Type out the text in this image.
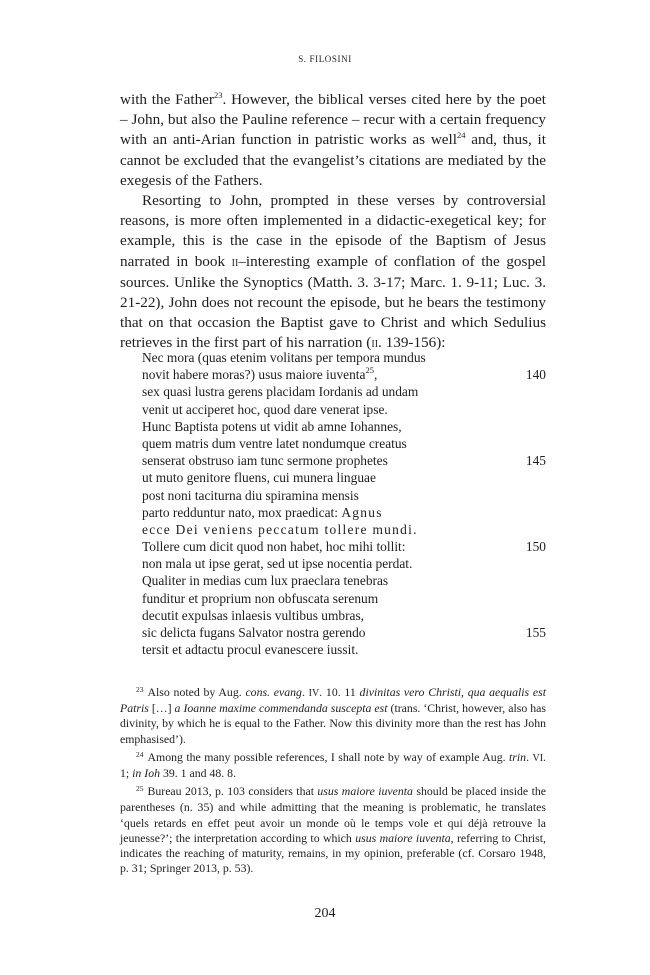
S. FILOSINI

with the Father$^{23}$. However, the biblical verses cited here by the poet – John, but also the Pauline reference – recur with a certain frequency with an anti-Arian function in patristic works as well$^{24}$ and, thus, it cannot be excluded that the evangelist’s citations are mediated by the exegesis of the Fathers.

Resorting to John, prompted in these verses by controversial reasons, is more often implemented in a didactic-exegetical key; for example, this is the case in the episode of the Baptism of Jesus narrated in book ii–interesting example of conflation of the gospel sources. Unlike the Synoptics (Matth. 3. 3-17; Marc. 1. 9-11; Luc. 3. 21-22), John does not recount the episode, but he bears the testimony that on that occasion the Baptist gave to Christ and which Sedulius retrieves in the first part of his narration (ii. 139-156):

Nec mora (quas etenim volitans per tempora mundus
novit habere moras?) usus maiore iuventa$^{25}$,	140
sex quasi lustra gerens placidam Iordanis ad undam
venit ut acciperet hoc, quod dare venerat ipse.
Hunc Baptista potens ut vidit ab amne Iohannes,
quem matris dum ventre latet nondumque creatus
senserat obstruso iam tunc sermone prophetes	145
ut muto genitore fluens, cui munera linguae
post noni taciturna diu spiramina mensis
parto redduntur nato, mox praedicat: Agnus
ecce Dei veniens peccatum tollere mundi.
Tollere cum dicit quod non habet, hoc mihi tollit:	150
non mala ut ipse gerat, sed ut ipse nocentia perdat.
Qualiter in medias cum lux praeclara tenebras
funditur et proprium non obfuscata serenum
decutit expulsas inlaesis vultibus umbras,
sic delicta fugans Salvator nostra gerendo	155
tersit et adtactu procul evanescere iussit.

$^{23}$ Also noted by Aug. cons. evang. iv. 10. 11 divinitas vero Christi, qua aequalis est Patris […] a Ioanne maxime commendanda suscepta est (trans. ‘Christ, however, also has divinity, by which he is equal to the Father. Now this divinity more than the rest has John emphasised’).

$^{24}$ Among the many possible references, I shall note by way of example Aug. trin. vi. 1; in Ioh 39. 1 and 48. 8.

$^{25}$ Bureau 2013, p. 103 considers that usus maiore iuventa should be placed inside the parentheses (n. 35) and while admitting that the meaning is problematic, he translates ‘quels retards en effet peut avoir un monde où le temps vole et qui déjà retrouve la jeunesse?’; the interpretation according to which usus maiore iuventa, referring to Christ, indicates the reaching of maturity, remains, in my opinion, preferable (cf. Corsaro 1948, p. 31; Springer 2013, p. 53).

204
